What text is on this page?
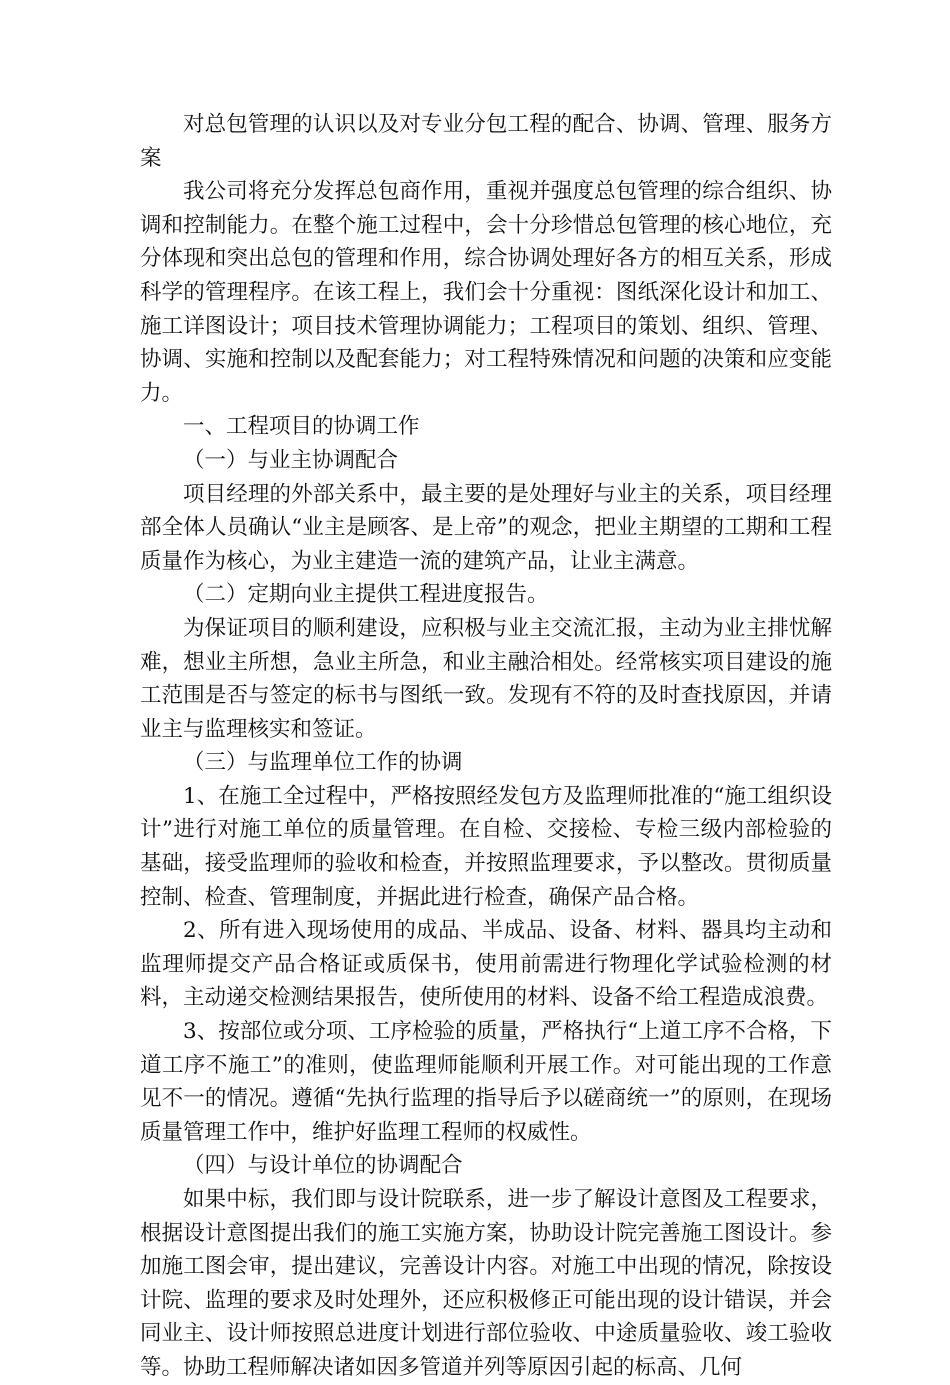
对总包管理的认识以及对专业分包工程的配合、协调、管理、服务方案

我公司将充分发挥总包商作用，重视并强度总包管理的综合组织、协调和控制能力。在整个施工过程中，会十分珍惜总包管理的核心地位，充分体现和突出总包的管理和作用，综合协调处理好各方的相互关系，形成科学的管理程序。在该工程上，我们会十分重视：图纸深化设计和加工、施工详图设计；项目技术管理协调能力；工程项目的策划、组织、管理、协调、实施和控制以及配套能力；对工程特殊情况和问题的决策和应变能力。

一、工程项目的协调工作

（一）与业主协调配合

项目经理的外部关系中，最主要的是处理好与业主的关系，项目经理部全体人员确认“业主是顾客、是上帝”的观念，把业主期望的工期和工程质量作为核心，为业主建造一流的建筑产品，让业主满意。

（二）定期向业主提供工程进度报告。

为保证项目的顺利建设，应积极与业主交流汇报，主动为业主排忧解难，想业主所想，急业主所急，和业主融洽相处。经常核实项目建设的施工范围是否与签定的标书与图纸一致。发现有不符的及时查找原因，并请业主与监理核实和签证。

（三）与监理单位工作的协调

1、在施工全过程中，严格按照经发包方及监理师批准的“施工组织设计”进行对施工单位的质量管理。在自检、交接检、专检三级内部检验的基础，接受监理师的验收和检查，并按照监理要求，予以整改。贯彻质量控制、检查、管理制度，并据此进行检查，确保产品合格。

2、所有进入现场使用的成品、半成品、设备、材料、器具均主动和监理师提交产品合格证或质保书，使用前需进行物理化学试验检测的材料，主动递交检测结果报告，使所使用的材料、设备不给工程造成浪费。

3、按部位或分项、工序检验的质量，严格执行“上道工序不合格，下道工序不施工”的准则，使监理师能顺利开展工作。对可能出现的工作意见不一的情况。遵循“先执行监理的指导后予以磋商统一”的原则，在现场质量管理工作中，维护好监理工程师的权威性。

（四）与设计单位的协调配合

如果中标，我们即与设计院联系，进一步了解设计意图及工程要求，根据设计意图提出我们的施工实施方案，协助设计院完善施工图设计。参加施工图会审，提出建议，完善设计内容。对施工中出现的情况，除按设计院、监理的要求及时处理外，还应积极修正可能出现的设计错误，并会同业主、设计师按照总进度计划进行部位验收、中途质量验收、竣工验收等。协助工程师解决诸如因多管道并列等原因引起的标高、几何
